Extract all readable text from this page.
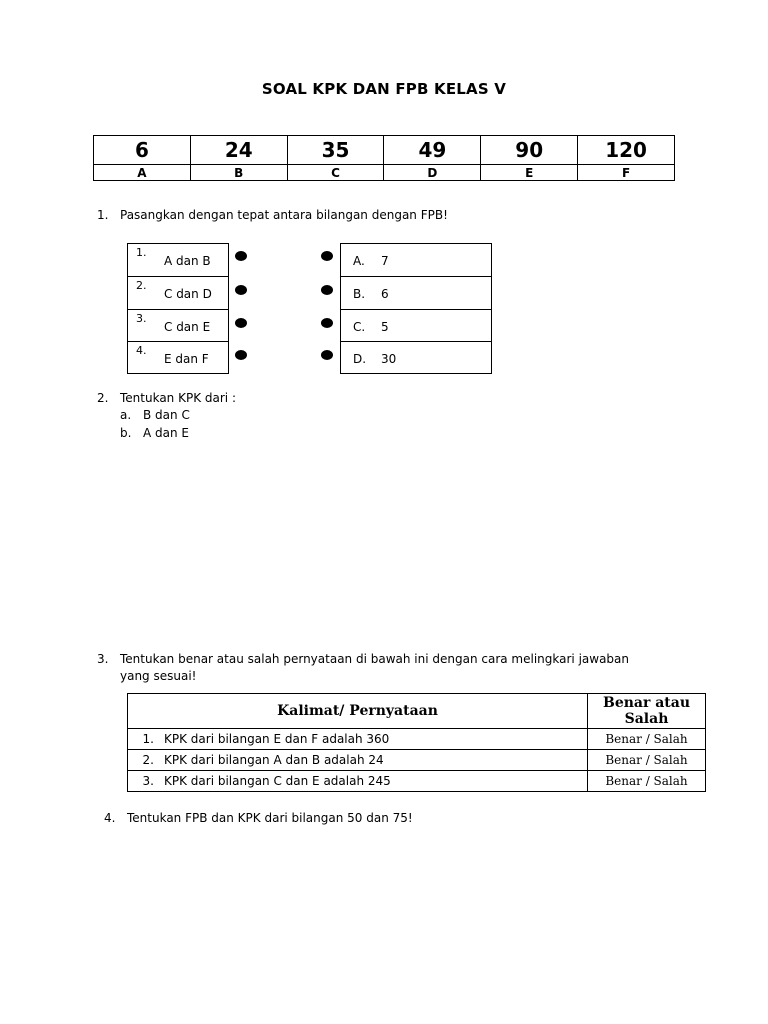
SOAL KPK DAN FPB KELAS V
6	24	35	49	90	120
A	B	C	D	E	F
1. Pasangkan dengan tepat antara bilangan dengan FPB!
1.
A dan B
2.
C dan D
3.
C dan E
4.
E dan F
A. 7
B. 6
C. 5
D. 30
2. Tentukan KPK dari :
a. B dan C
b. A dan E
3. Tentukan benar atau salah pernyataan di bawah ini dengan cara melingkari jawaban
yang sesuai!
Kalimat/ Pernyataan	Benar atau
Salah

1. KPK dari bilangan E dan F adalah 360	Benar / Salah
2. KPK dari bilangan A dan B adalah 24	Benar / Salah
3. KPK dari bilangan C dan E adalah 245	Benar / Salah
4. Tentukan FPB dan KPK dari bilangan 50 dan 75!
